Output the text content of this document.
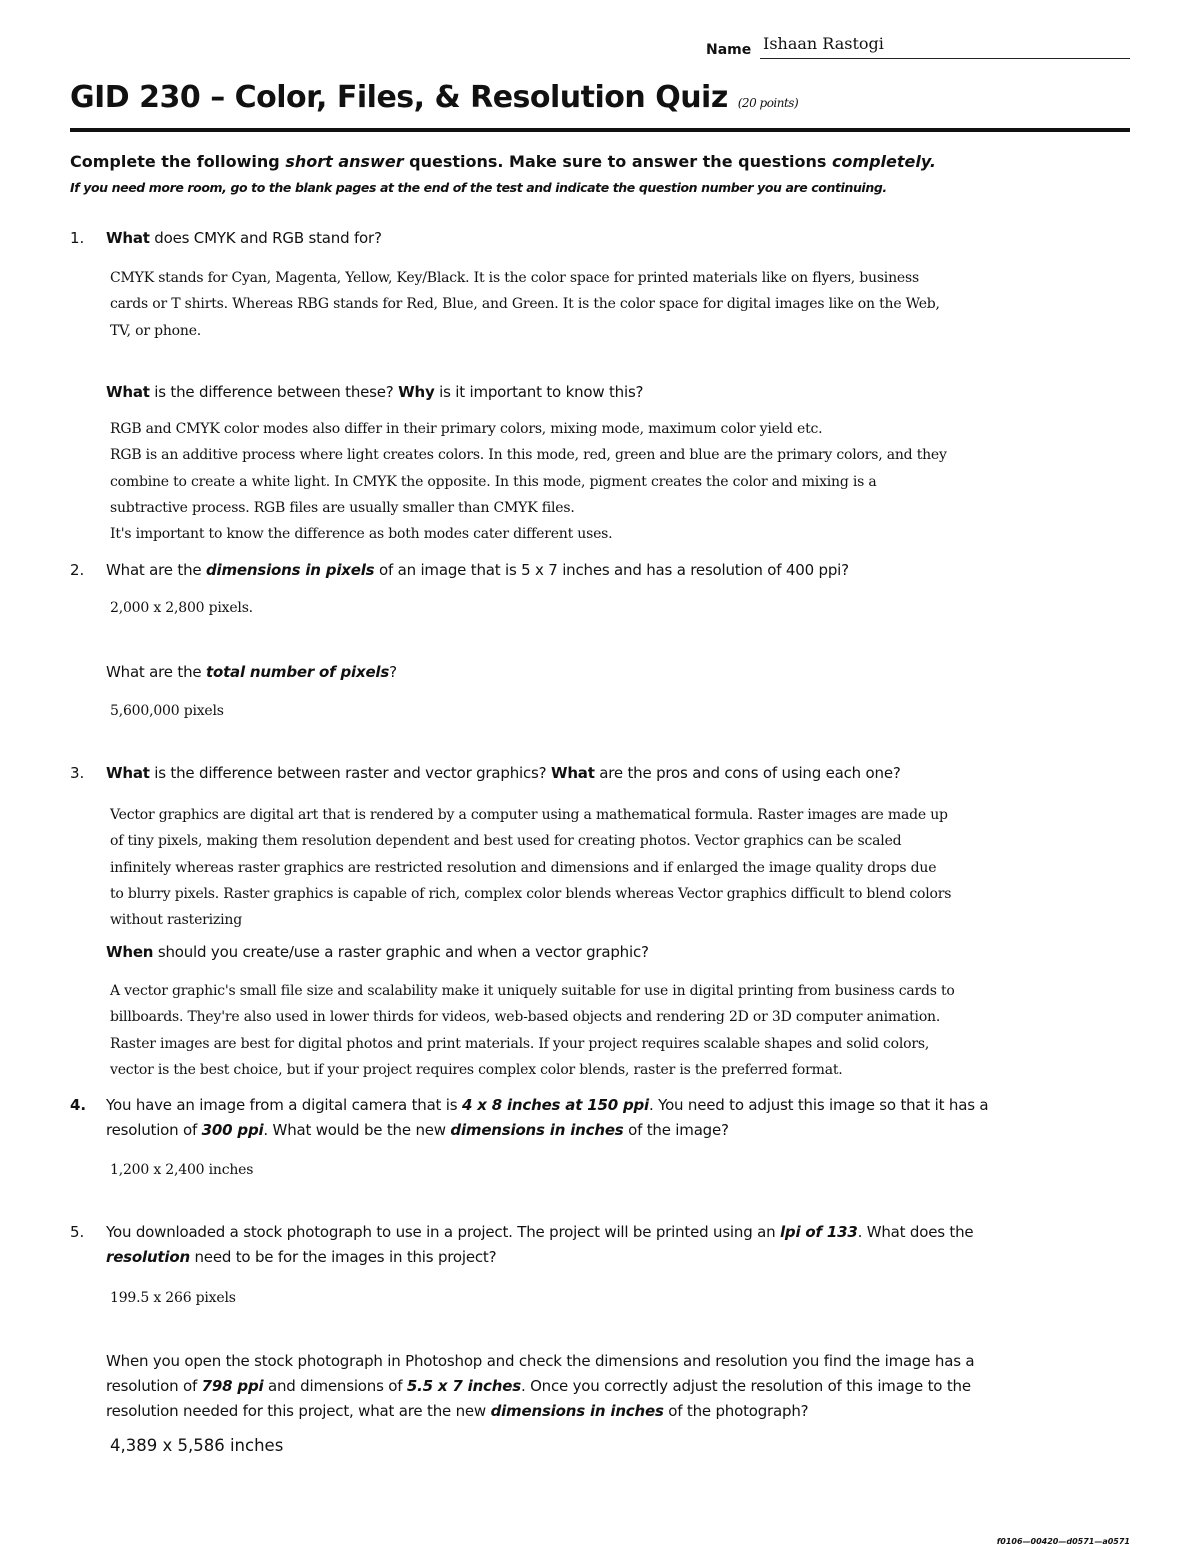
Name Ishaan Rastogi
GID 230 – Color, Files, & Resolution Quiz (20 points)
Complete the following short answer questions. Make sure to answer the questions completely.
If you need more room, go to the blank pages at the end of the test and indicate the question number you are continuing.
1. What does CMYK and RGB stand for?
CMYK stands for Cyan, Magenta, Yellow, Key/Black. It is the color space for printed materials like on flyers, business
cards or T shirts. Whereas RBG stands for Red, Blue, and Green. It is the color space for digital images like on the Web,
TV, or phone.
What is the difference between these? Why is it important to know this?
RGB and CMYK color modes also differ in their primary colors, mixing mode, maximum color yield etc.
RGB is an additive process where light creates colors. In this mode, red, green and blue are the primary colors, and they
combine to create a white light. In CMYK the opposite. In this mode, pigment creates the color and mixing is a
subtractive process. RGB files are usually smaller than CMYK files.
It's important to know the difference as both modes cater different uses.
2. What are the dimensions in pixels of an image that is 5 x 7 inches and has a resolution of 400 ppi?
2,000 x 2,800 pixels.
What are the total number of pixels?
5,600,000 pixels
3. What is the difference between raster and vector graphics? What are the pros and cons of using each one?
Vector graphics are digital art that is rendered by a computer using a mathematical formula. Raster images are made up
of tiny pixels, making them resolution dependent and best used for creating photos. Vector graphics can be scaled
infinitely whereas raster graphics are restricted resolution and dimensions and if enlarged the image quality drops due
to blurry pixels. Raster graphics is capable of rich, complex color blends whereas Vector graphics difficult to blend colors
without rasterizing
When should you create/use a raster graphic and when a vector graphic?
A vector graphic's small file size and scalability make it uniquely suitable for use in digital printing from business cards to
billboards. They're also used in lower thirds for videos, web-based objects and rendering 2D or 3D computer animation.
Raster images are best for digital photos and print materials. If your project requires scalable shapes and solid colors,
vector is the best choice, but if your project requires complex color blends, raster is the preferred format.
4. You have an image from a digital camera that is 4 x 8 inches at 150 ppi. You need to adjust this image so that it has a
resolution of 300 ppi. What would be the new dimensions in inches of the image?
1,200 x 2,400 inches
5. You downloaded a stock photograph to use in a project. The project will be printed using an lpi of 133. What does the
resolution need to be for the images in this project?
199.5 x 266 pixels
When you open the stock photograph in Photoshop and check the dimensions and resolution you find the image has a
resolution of 798 ppi and dimensions of 5.5 x 7 inches. Once you correctly adjust the resolution of this image to the
resolution needed for this project, what are the new dimensions in inches of the photograph?
4,389 x 5,586 inches
f0106—00420—d0571—a0571
